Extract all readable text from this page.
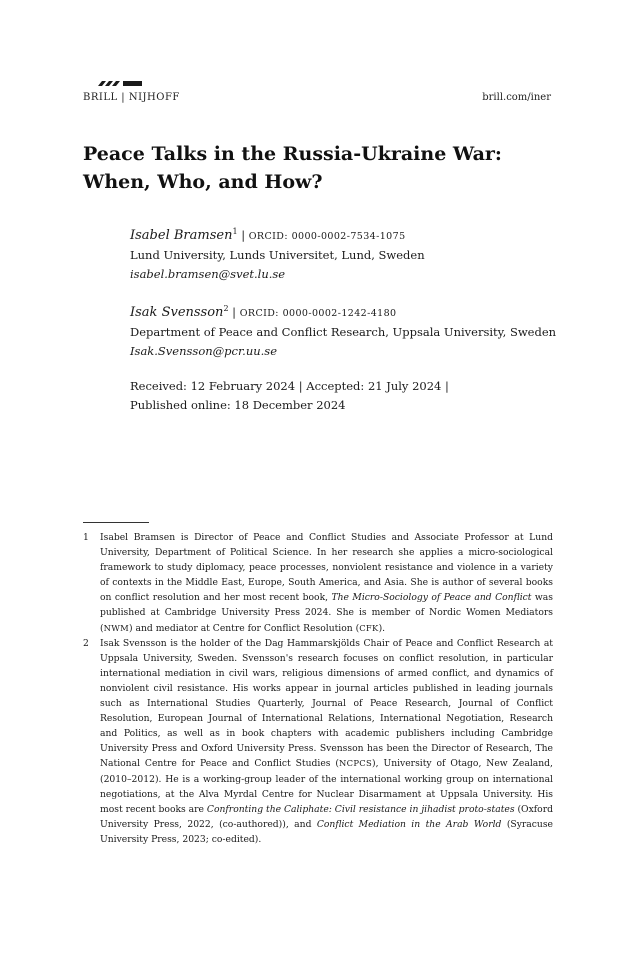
BRILL | NIJHOFF	brill.com/iner
Peace Talks in the Russia-Ukraine War: When, Who, and How?
Isabel Bramsen$^1$ | ORCID: 0000-0002-7534-1075
Lund University, Lunds Universitet, Lund, Sweden
isabel.bramsen@svet.lu.se
Isak Svensson$^2$ | ORCID: 0000-0002-1242-4180
Department of Peace and Conflict Research, Uppsala University, Sweden
Isak.Svensson@pcr.uu.se
Received: 12 February 2024 | Accepted: 21 July 2024 |
Published online: 18 December 2024
1	Isabel Bramsen is Director of Peace and Conflict Studies and Associate Professor at Lund University, Department of Political Science. In her research she applies a micro-sociological framework to study diplomacy, peace processes, nonviolent resistance and violence in a variety of contexts in the Middle East, Europe, South America, and Asia. She is author of several books on conflict resolution and her most recent book, The Micro-Sociology of Peace and Conflict was published at Cambridge University Press 2024. She is member of Nordic Women Mediators (NWM) and mediator at Centre for Conflict Resolution (CFK).
2	Isak Svensson is the holder of the Dag Hammarskjölds Chair of Peace and Conflict Research at Uppsala University, Sweden. Svensson's research focuses on conflict resolution, in particular international mediation in civil wars, religious dimensions of armed conflict, and dynamics of nonviolent civil resistance. His works appear in journal articles published in leading journals such as International Studies Quarterly, Journal of Peace Research, Journal of Conflict Resolution, European Journal of International Relations, International Negotiation, Research and Politics, as well as in book chapters with academic publishers including Cambridge University Press and Oxford University Press. Svensson has been the Director of Research, The National Centre for Peace and Conflict Studies (NCPCS), University of Otago, New Zealand, (2010–2012). He is a working-group leader of the international working group on international negotiations, at the Alva Myrdal Centre for Nuclear Disarmament at Uppsala University. His most recent books are Confronting the Caliphate: Civil resistance in jihadist proto-states (Oxford University Press, 2022, (co-authored)), and Conflict Mediation in the Arab World (Syracuse University Press, 2023; co-edited).
